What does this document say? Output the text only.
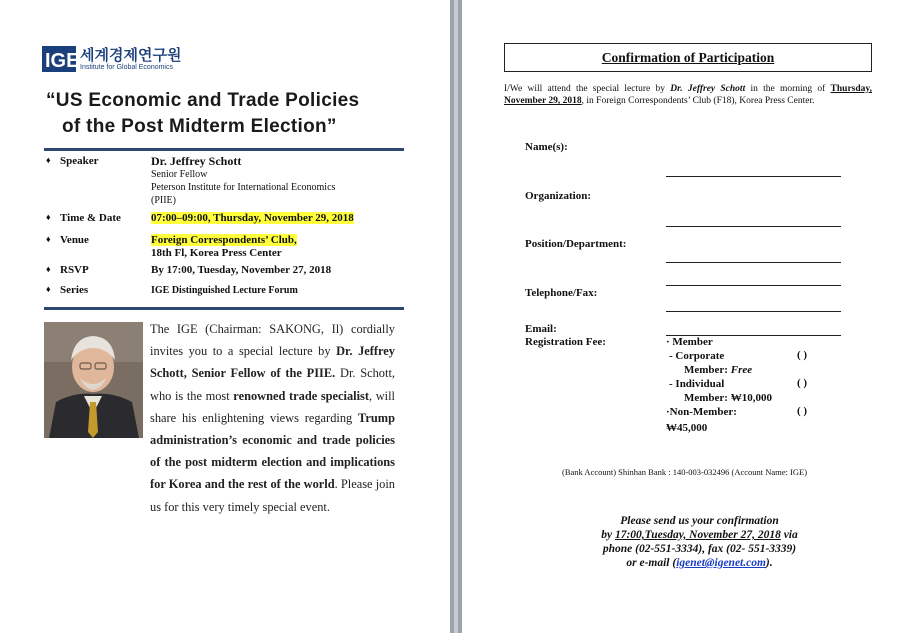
IGE 세계경제연구원
Institute for Global Economics
“US Economic and Trade Policies
of the Post Midterm Election”
♦ Speaker	Dr. Jeffrey Schott
Senior Fellow
Peterson Institute for International Economics
(PIIE)
♦ Time & Date	07:00–09:00, Thursday, November 29, 2018
♦ Venue	Foreign Correspondents’ Club,
18th Fl, Korea Press Center
♦ RSVP	By 17:00, Tuesday, November 27, 2018
♦ Series	IGE Distinguished Lecture Forum
The IGE (Chairman: SAKONG, Il) cordially invites you to a special lecture by Dr. Jeffrey Schott, Senior Fellow of the PIIE. Dr. Schott, who is the most renowned trade specialist, will share his enlightening views regarding Trump administration’s economic and trade policies of the post midterm election and implications for Korea and the rest of the world. Please join us for this very timely special event.
Confirmation of Participation
I/We will attend the special lecture by Dr. Jeffrey Schott in the morning of Thursday, November 29, 2018, in Foreign Correspondents’ Club (F18), Korea Press Center.
Name(s):
Organization:
Position/Department:
Telephone/Fax:
Email:
Registration Fee:	· Member
- Corporate
Member: Free
( )
- Individual
Member: ₩10,000
( )
·Non-Member:
₩45,000
( )
(Bank Account) Shinhan Bank : 140-003-032496 (Account Name: IGE)
Please send us your confirmation
by 17:00,Tuesday, November 27, 2018 via
phone (02-551-3334), fax (02- 551-3339)
or e-mail (igenet@igenet.com).
